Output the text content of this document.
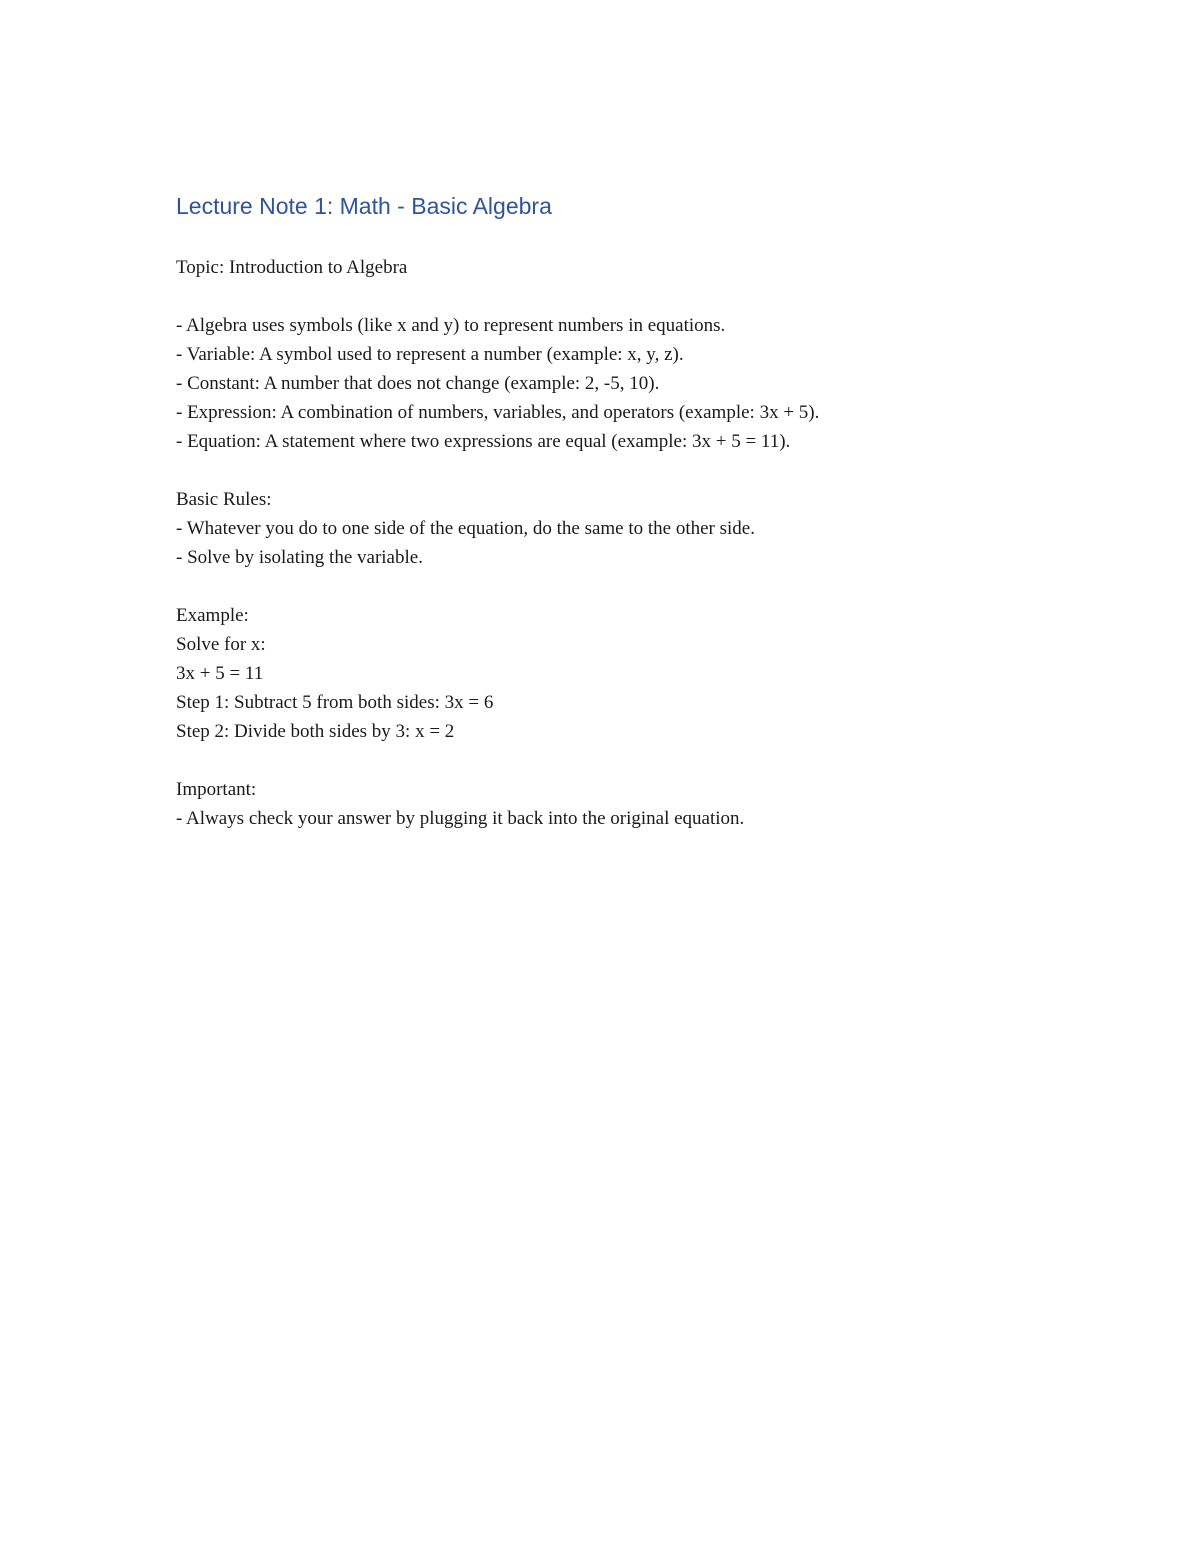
Lecture Note 1: Math - Basic Algebra
Topic: Introduction to Algebra
- Algebra uses symbols (like x and y) to represent numbers in equations.
- Variable: A symbol used to represent a number (example: x, y, z).
- Constant: A number that does not change (example: 2, -5, 10).
- Expression: A combination of numbers, variables, and operators (example: 3x + 5).
- Equation: A statement where two expressions are equal (example: 3x + 5 = 11).
Basic Rules:
- Whatever you do to one side of the equation, do the same to the other side.
- Solve by isolating the variable.
Example:
Solve for x:
3x + 5 = 11
Step 1: Subtract 5 from both sides: 3x = 6
Step 2: Divide both sides by 3: x = 2
Important:
- Always check your answer by plugging it back into the original equation.
